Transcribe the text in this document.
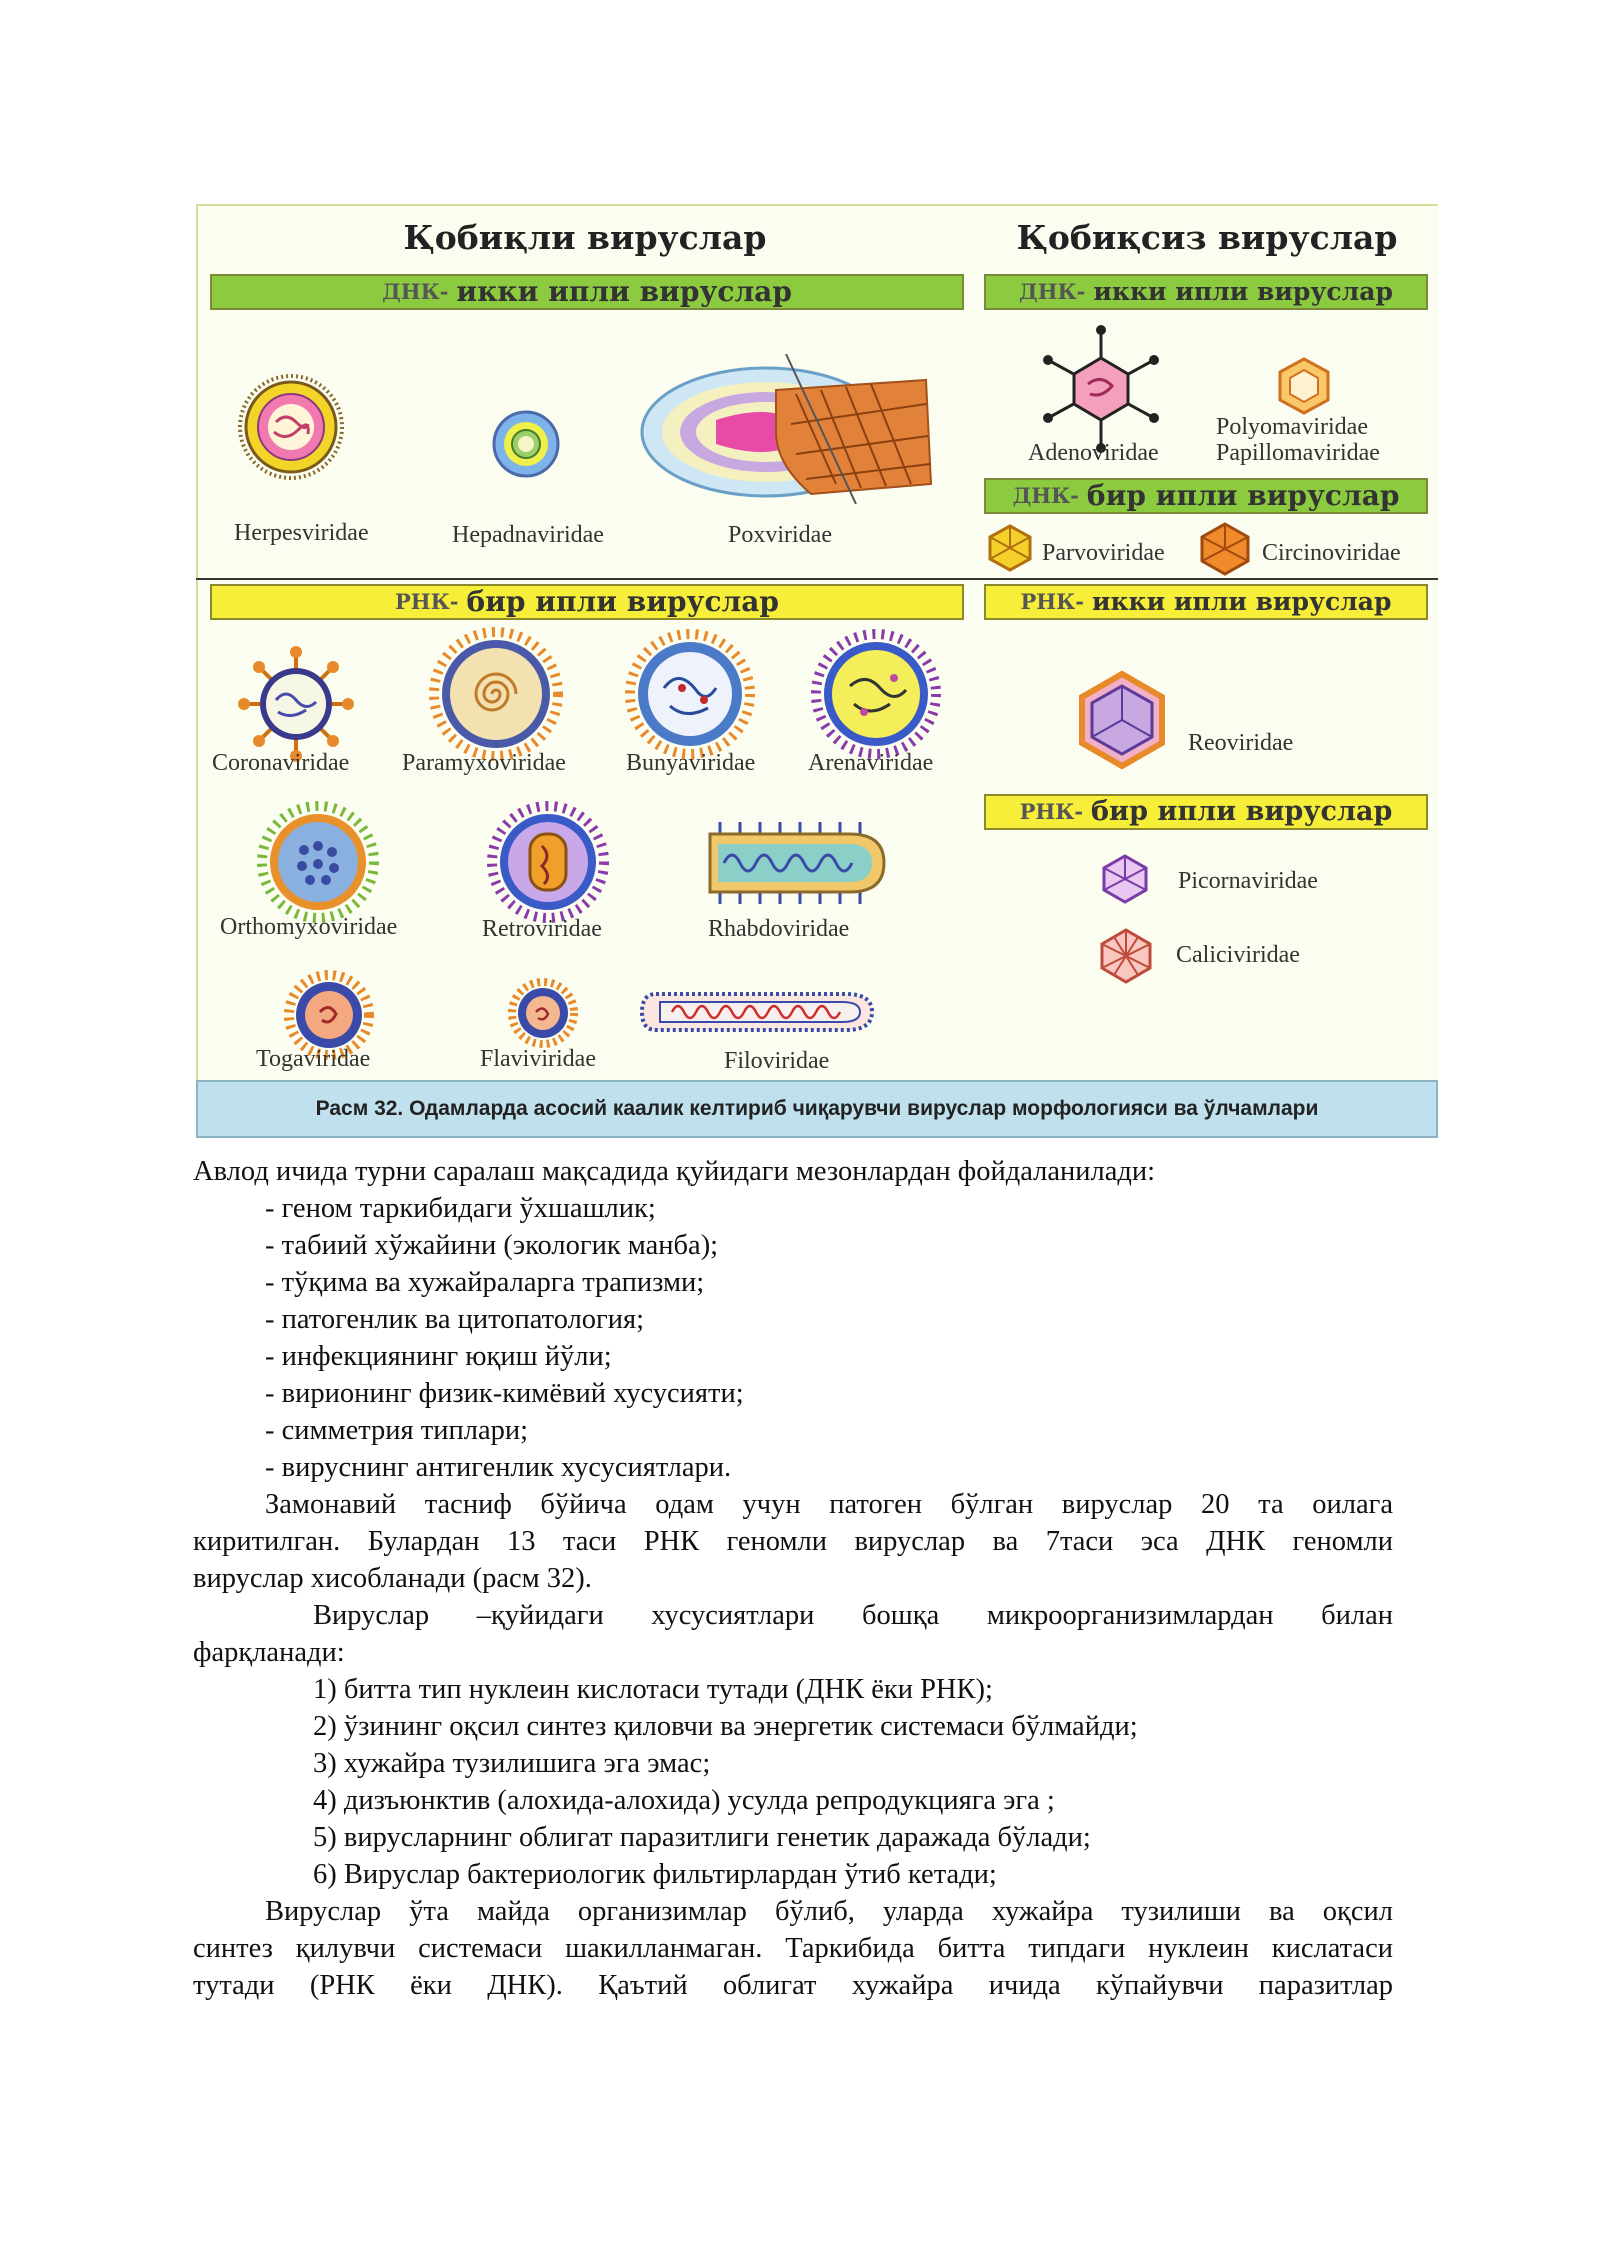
Қобиқли вируслар	Қобиқсиз вируслар
ДНК- икки ипли вируслар	ДНК- икки ипли вируслар
ДНК- бир ипли вируслар
РНК- бир ипли вируслар	РНК- икки ипли вируслар
РНК- бир ипли вируслар
Herpesviridae	Hepadnaviridae	Poxviridae
Adenoviridae
Polyomaviridae
Papillomaviridae
Parvoviridae	Circinoviridae
Coronaviridae Paramyxoviridae	Bunyaviridae Arenaviridae
Orthomyxoviridae	Retroviridae	Rhabdoviridae
Togaviridae	Flaviviridae	Filoviridae
Reoviridae
Picornaviridae
Caliciviridae
Расм 32. Одамларда асосий каалик келтириб чиқарувчи вируслар морфологияси ва ўлчамлари
Авлод ичида турни саралаш мақсадида қуйидаги мезонлардан фойдаланилади:
- геном таркибидаги ўхшашлик;
- табиий хўжайини (экологик манба);
- тўқима ва хужайраларга трапизми;
- патогенлик ва цитопатология;
- инфекциянинг юқиш йўли;
- вирионинг физик-кимёвий хусусияти;
- симметрия типлари;
- вируснинг антигенлик хусусиятлари.
Замонавий тасниф бўйича одам учун патоген бўлган вируслар 20 та оилага
киритилган. Булардан 13 таси РНК геномли вируслар ва 7таси эса ДНК геномли
вируслар хисобланади (расм 32).
Вируслар –қуйидаги хусусиятлари бошқа микроорганизимлардан билан
фарқланади:
1) битта тип нуклеин кислотаси тутади (ДНК ёки РНК);
2) ўзининг оқсил синтез қиловчи ва энергетик системаси бўлмайди;
3) хужайра тузилишига эга эмас;
4) дизъюнктив (алохида-алохида) усулда репродукцияга эга ;
5) вирусларнинг облигат паразитлиги генетик даражада бўлади;
6) Вируслар бактериологик фильтирлардан ўтиб кетади;
Вируслар ўта майда организимлар бўлиб, уларда хужайра тузилиши ва оқсил
синтез қилувчи системаси шакилланмаган. Таркибида битта типдаги нуклеин кислатаси
тутади (РНК ёки ДНК). Қаътий облигат хужайра ичида кўпайувчи паразитлар
